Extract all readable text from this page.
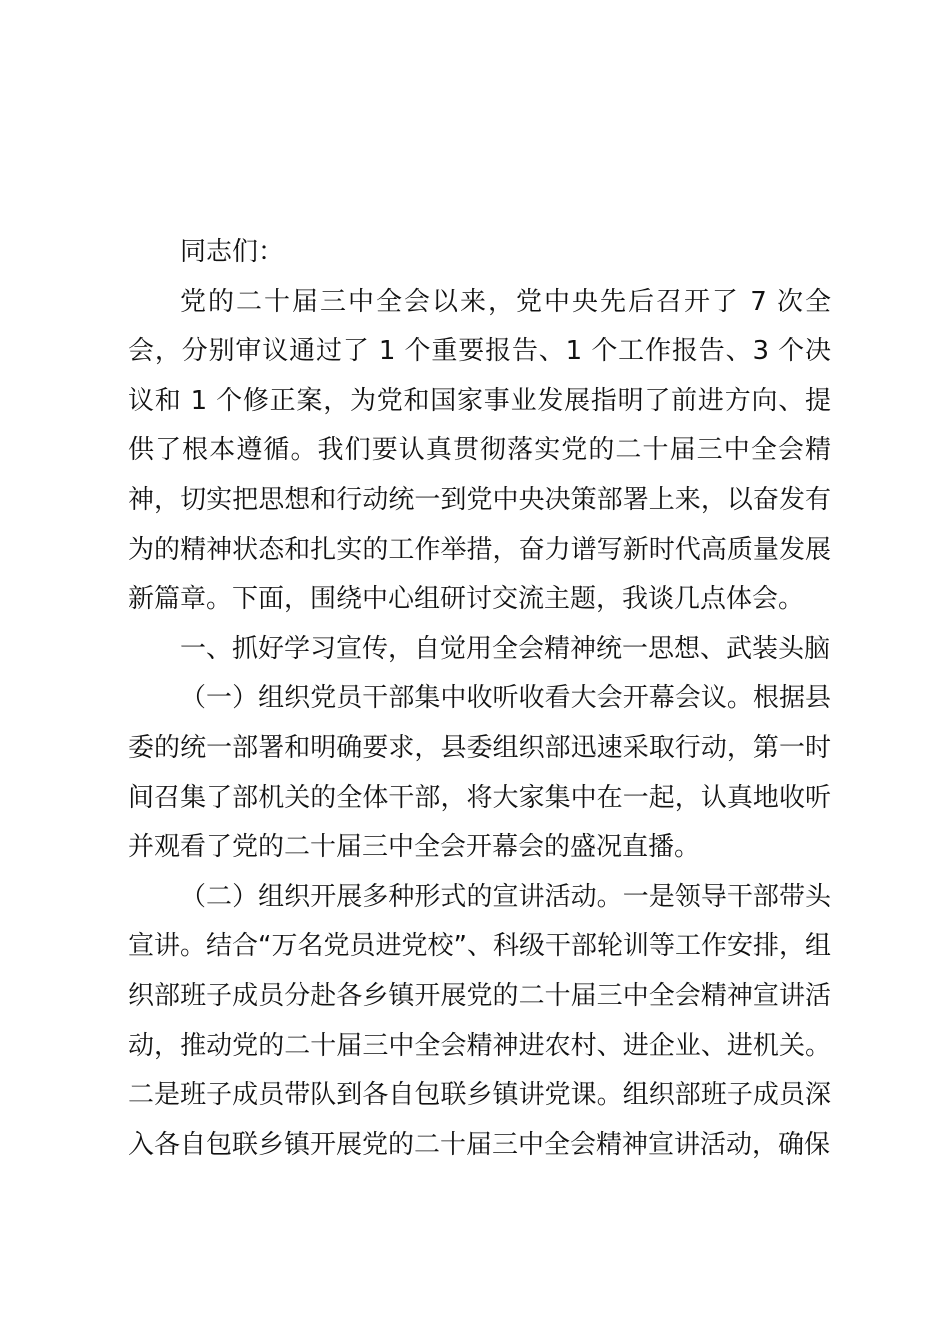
同志们：

党的二十届三中全会以来，党中央先后召开了 7 次全会，分别审议通过了 1 个重要报告、1 个工作报告、3 个决议和 1 个修正案，为党和国家事业发展指明了前进方向、提供了根本遵循。我们要认真贯彻落实党的二十届三中全会精神，切实把思想和行动统一到党中央决策部署上来，以奋发有为的精神状态和扎实的工作举措，奋力谱写新时代高质量发展新篇章。下面，围绕中心组研讨交流主题，我谈几点体会。

一、抓好学习宣传，自觉用全会精神统一思想、武装头脑

（一）组织党员干部集中收听收看大会开幕会议。根据县委的统一部署和明确要求，县委组织部迅速采取行动，第一时间召集了部机关的全体干部，将大家集中在一起，认真地收听并观看了党的二十届三中全会开幕会的盛况直播。

（二）组织开展多种形式的宣讲活动。一是领导干部带头宣讲。结合“万名党员进党校”、科级干部轮训等工作安排，组织部班子成员分赴各乡镇开展党的二十届三中全会精神宣讲活动，推动党的二十届三中全会精神进农村、进企业、进机关。二是班子成员带队到各自包联乡镇讲党课。组织部班子成员深入各自包联乡镇开展党的二十届三中全会精神宣讲活动，确保
